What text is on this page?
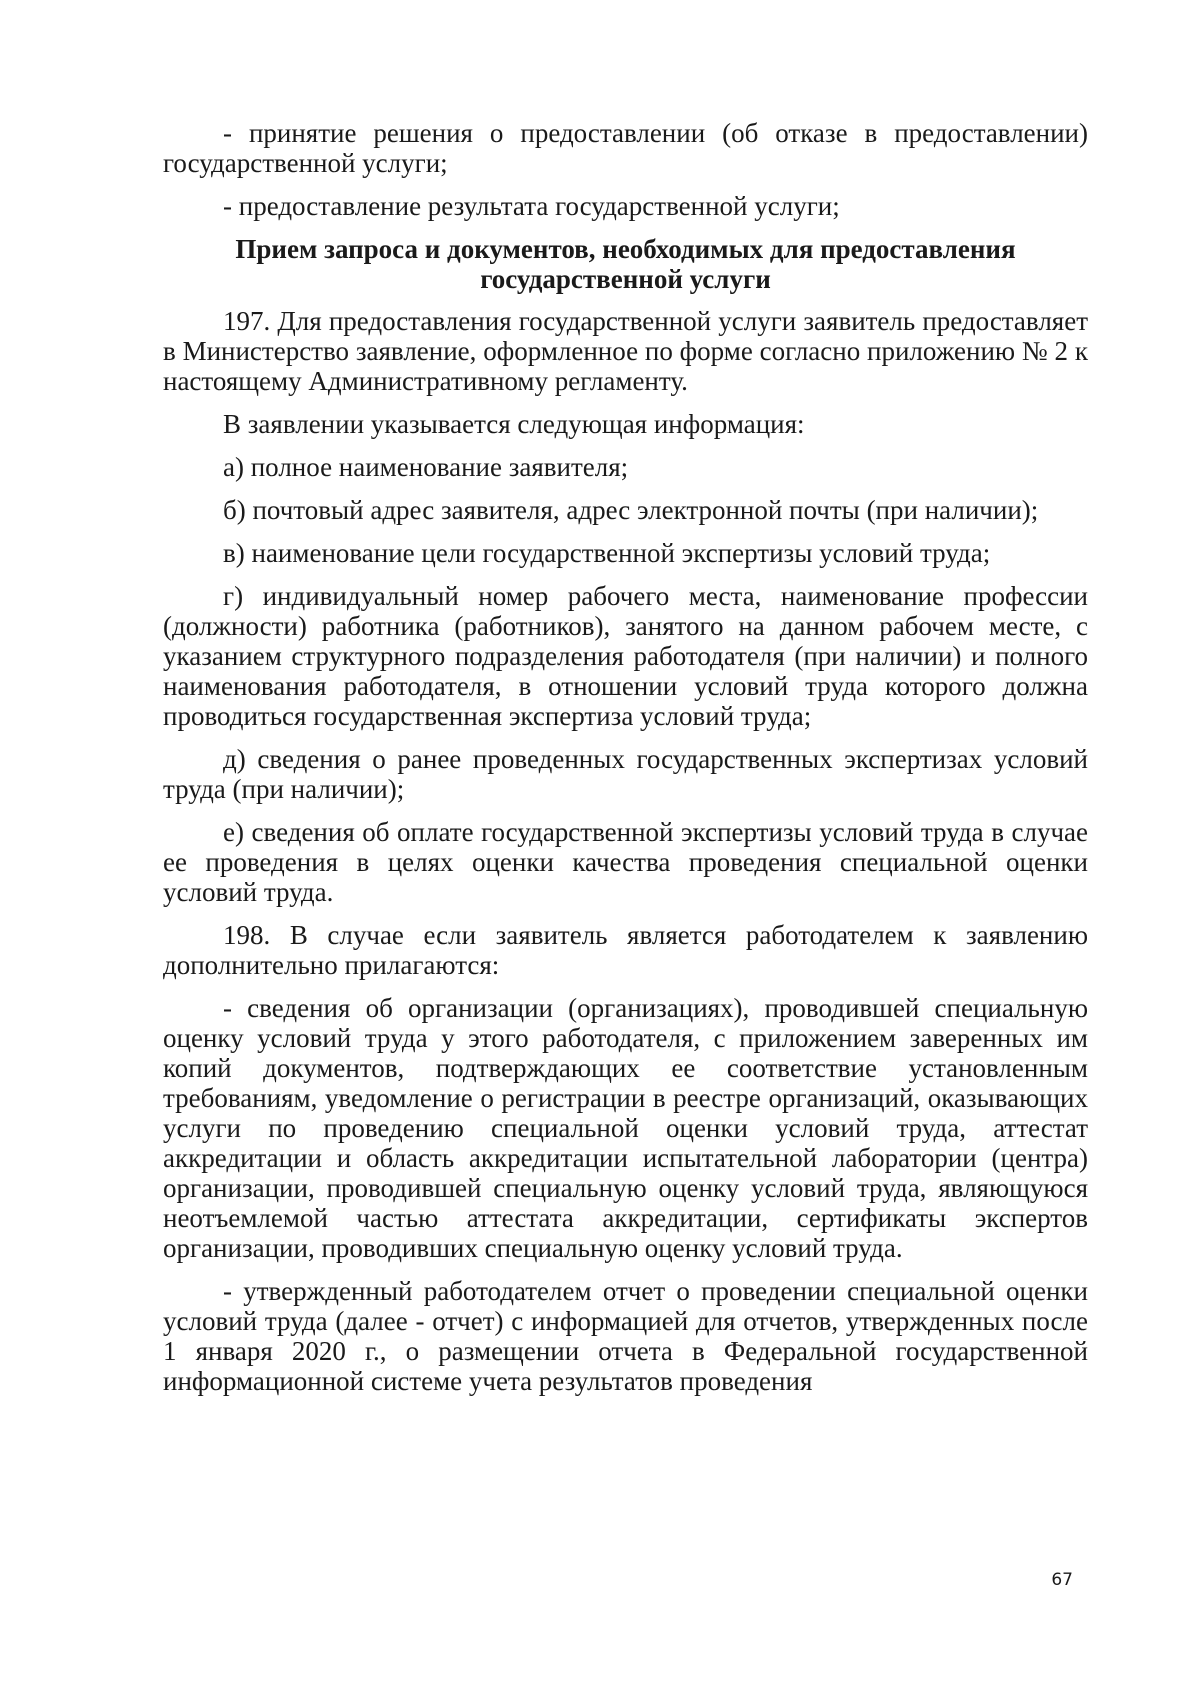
- принятие решения о предоставлении (об отказе в предоставлении) государственной услуги;

- предоставление результата государственной услуги;

Прием запроса и документов, необходимых для предоставления государственной услуги

197. Для предоставления государственной услуги заявитель предоставляет в Министерство заявление, оформленное по форме согласно приложению № 2 к настоящему Административному регламенту.

В заявлении указывается следующая информация:

а) полное наименование заявителя;

б) почтовый адрес заявителя, адрес электронной почты (при наличии);

в) наименование цели государственной экспертизы условий труда;

г) индивидуальный номер рабочего места, наименование профессии (должности) работника (работников), занятого на данном рабочем месте, с указанием структурного подразделения работодателя (при наличии) и полного наименования работодателя, в отношении условий труда которого должна проводиться государственная экспертиза условий труда;

д) сведения о ранее проведенных государственных экспертизах условий труда (при наличии);

е) сведения об оплате государственной экспертизы условий труда в случае ее проведения в целях оценки качества проведения специальной оценки условий труда.

198. В случае если заявитель является работодателем к заявлению дополнительно прилагаются:

- сведения об организации (организациях), проводившей специальную оценку условий труда у этого работодателя, с приложением заверенных им копий документов, подтверждающих ее соответствие установленным требованиям, уведомление о регистрации в реестре организаций, оказывающих услуги по проведению специальной оценки условий труда, аттестат аккредитации и область аккредитации испытательной лаборатории (центра) организации, проводившей специальную оценку условий труда, являющуюся неотъемлемой частью аттестата аккредитации, сертификаты экспертов организации, проводивших специальную оценку условий труда.

- утвержденный работодателем отчет о проведении специальной оценки условий труда (далее - отчет) с информацией для отчетов, утвержденных после 1 января 2020 г., о размещении отчета в Федеральной государственной информационной системе учета результатов проведения

67
